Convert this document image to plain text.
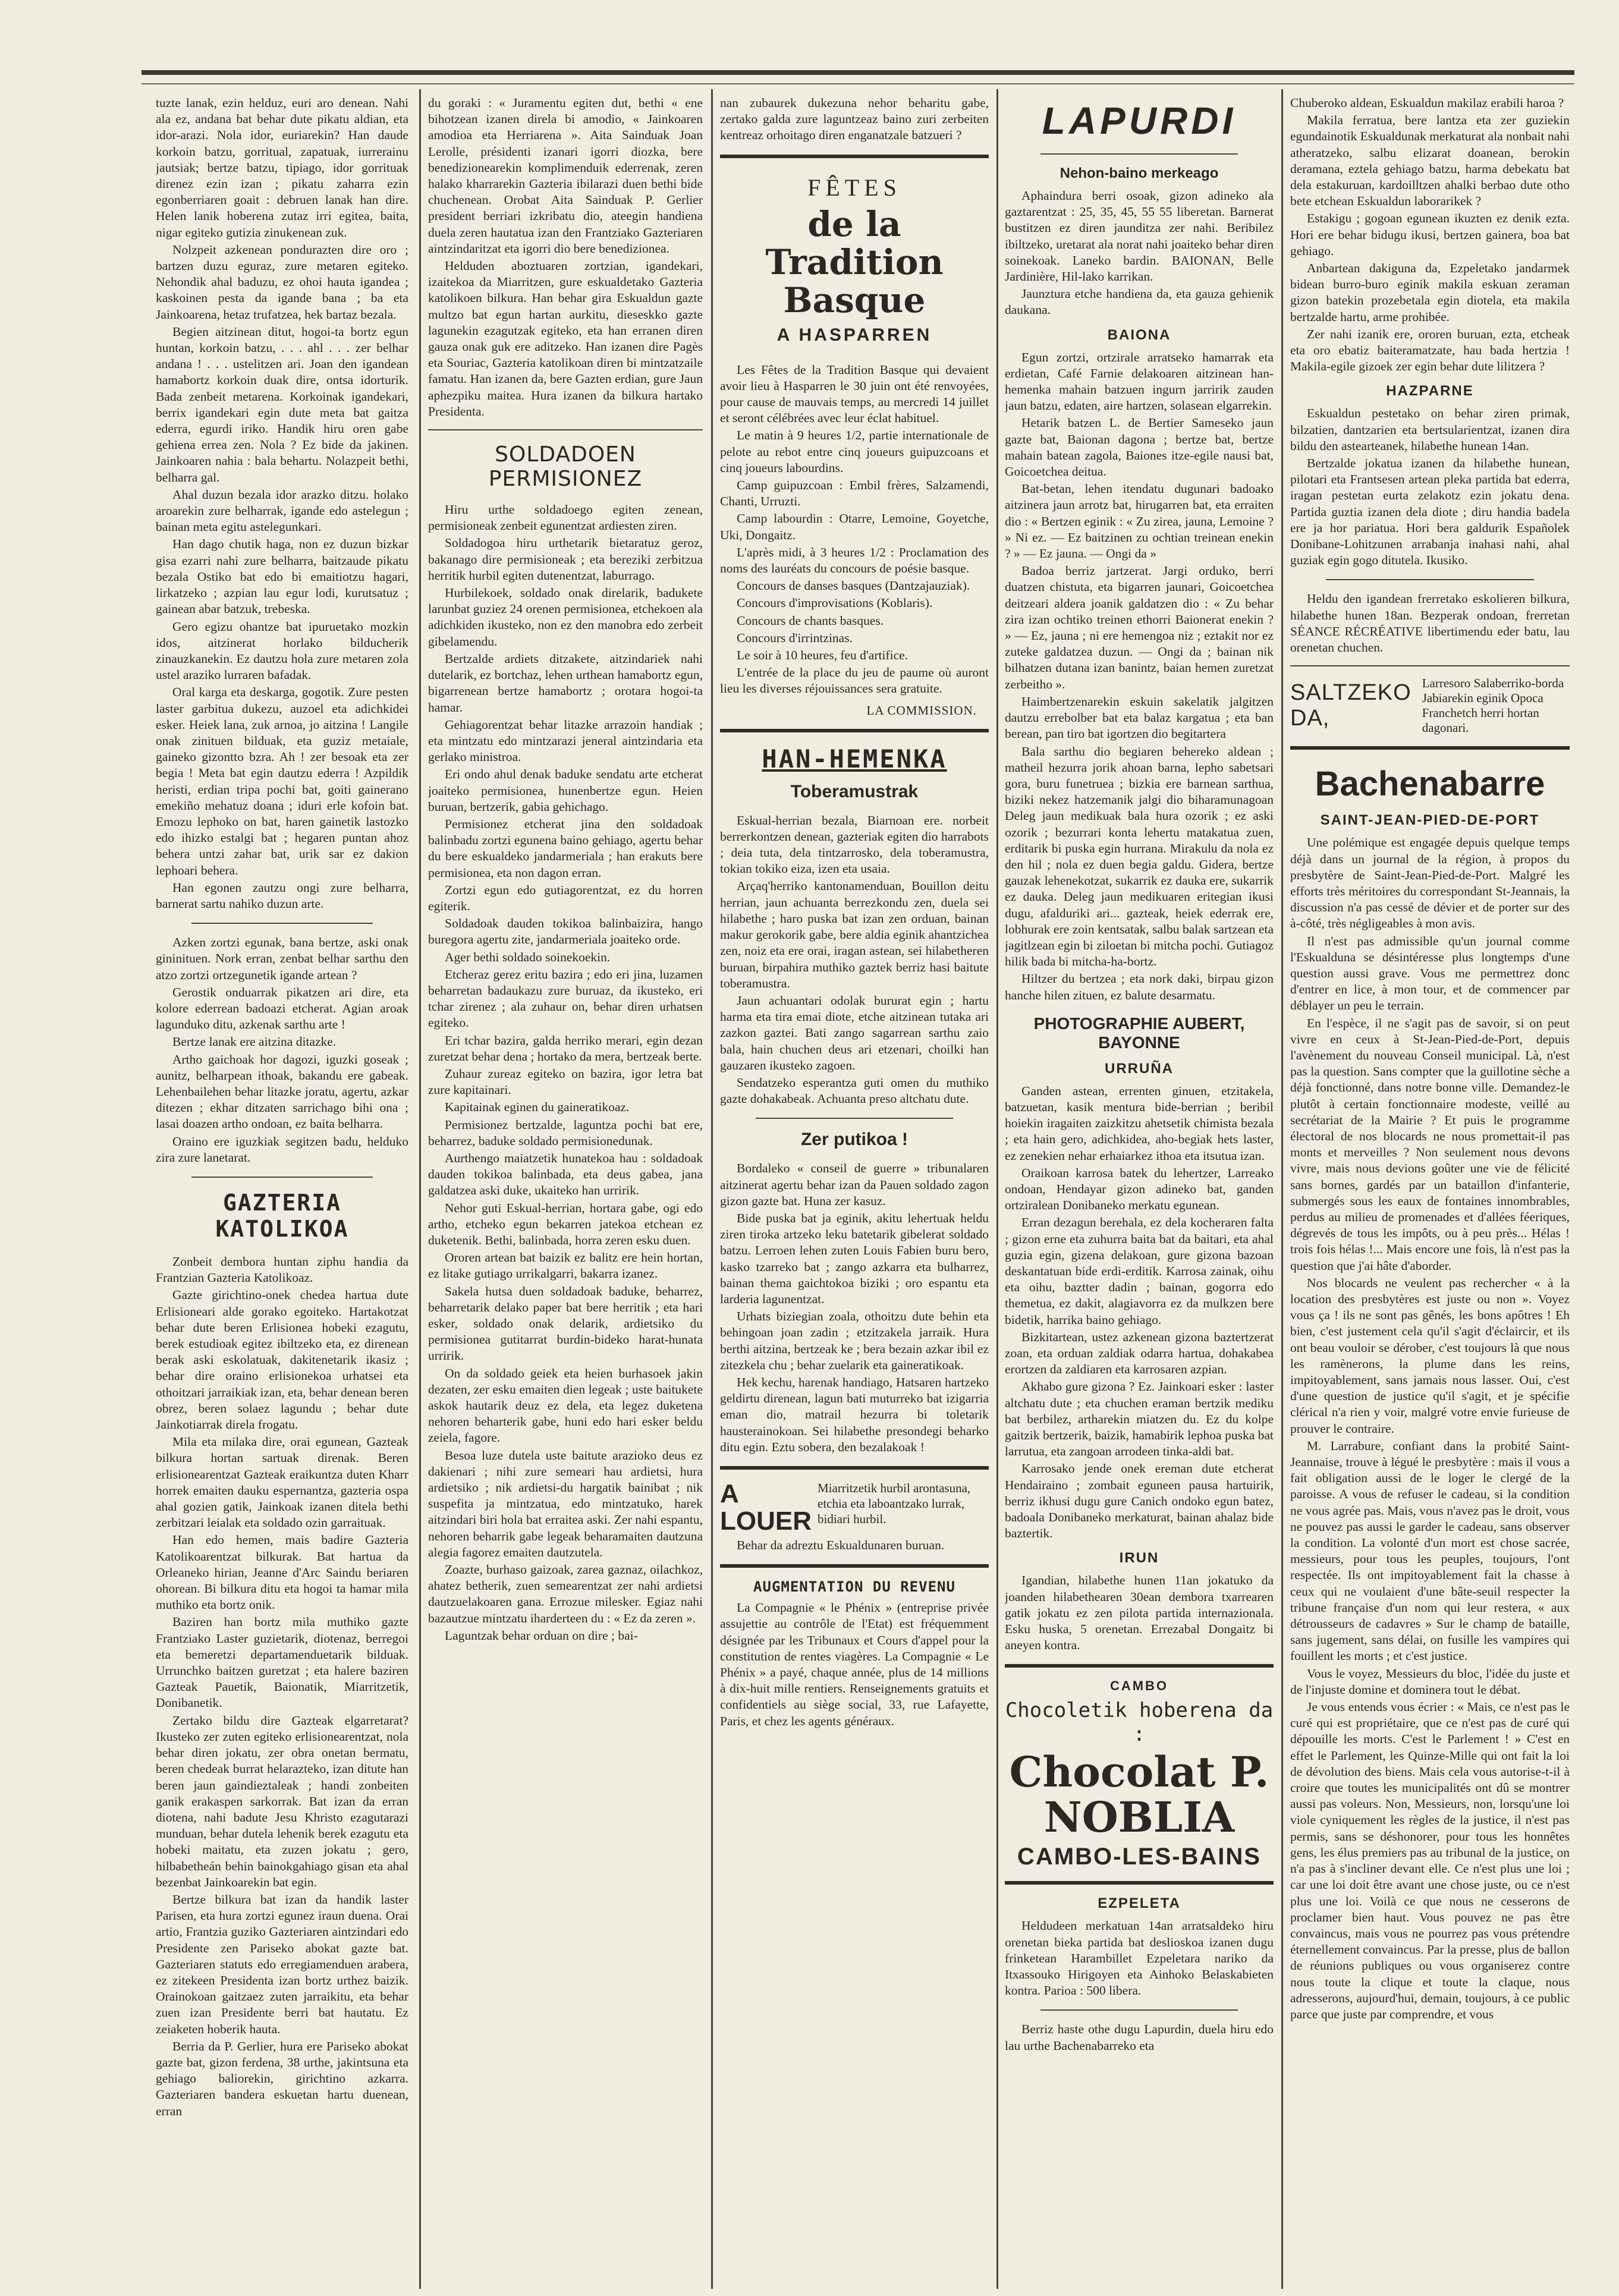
tuzte lanak, ezin helduz, euri aro denean. Nahi ala ez, andana bat behar dute pikatu aldian, eta idor-arazi. Nola idor, euriarekin? Han daude korkoin batzu, gorritual, zapatuak, iurrerainu jautsiak; bertze batzu, tipiago, idor gorrituak direnez ezin izan ; pikatu zaharra ezin egonberriaren goait : debruen lanak han dire. Helen lanik hoberena zutaz irri egitea, baita, nigar egiteko gutizia zinukenean zuk.

Nolzpeit azkenean pondurazten dire oro ; bartzen duzu eguraz, zure metaren egiteko. Nehondik ahal baduzu, ez ohoi hauta igandea ; kaskoinen pesta da igande bana ; ba eta Jainkoarena, hetaz trufatzea, hek bartaz bezala.

Begien aitzinean ditut, hogoi-ta bortz egun huntan, korkoin batzu, . . . ahl . . . zer belhar andana ! . . . ustelitzen ari. Joan den igandean hamabortz korkoin duak dire, ontsa idorturik. Bada zenbeit metarena. Korkoinak igandekari, berrix igandekari egin dute meta bat gaitza ederra, egurdi iriko. Handik hiru oren gabe gehiena errea zen. Nola ? Ez bide da jakinen. Jainkoaren nahia : bala behartu. Nolazpeit bethi, belharra gal.

Ahal duzun bezala idor arazko ditzu. holako aroarekin zure belharrak, igande edo astelegun ; bainan meta egitu astelegunkari.

Han dago chutik haga, non ez duzun bizkar gisa ezarri nahi zure belharra, baitzaude pikatu bezala Ostiko bat edo bi emaitiotzu hagari, lirkatzeko ; azpian lau egur lodi, kurutsatuz ; gainean abar batzuk, trebeska.

Gero egizu ohantze bat ipuruetako mozkin idos, aitzinerat horlako bilducherik zinauzkanekin. Ez dautzu hola zure metaren zola ustel araziko lurraren bafadak.

Oral karga eta deskarga, gogotik. Zure pesten laster garbitua dukezu, auzoel eta adichkidei esker. Heiek lana, zuk arnoa, jo aitzina ! Langile onak zinituen bilduak, eta guziz metaiale, gaineko gizontto bzra. Ah ! zer besoak eta zer begia ! Meta bat egin dautzu ederra ! Azpildik heristi, erdian tripa pochi bat, goiti gainerano emekiño mehatuz doana ; iduri erle kofoin bat. Emozu lephoko on bat, haren gainetik lastozko edo ihizko estalgi bat ; hegaren puntan ahoz behera untzi zahar bat, urik sar ez dakion lephoari behera.

Han egonen zautzu ongi zure belharra, barnerat sartu nahiko duzun arte.

Azken zortzi egunak, bana bertze, aski onak gininituen. Nork erran, zenbat belhar sarthu den atzo zortzi ortzegunetik igande artean ?

Gerostik onduarrak pikatzen ari dire, eta kolore ederrean badoazi etcherat. Agian aroak lagunduko ditu, azkenak sarthu arte !

Bertze lanak ere aitzina ditazke.

Artho gaichoak hor dagozi, iguzki goseak ; aunitz, belharpean ithoak, bakandu ere gabeak. Lehenbailehen behar litazke joratu, agertu, azkar ditezen ; ekhar ditzaten sarrichago bihi ona ; lasai doazen artho ondoan, ez baita belharra.

Oraino ere iguzkiak segitzen badu, helduko zira zure lanetarat.

GAZTERIA KATOLIKOA

Zonbeit dembora huntan ziphu handia da Frantzian Gazteria Katolikoaz.

Gazte girichtino-onek chedea hartua dute Erlisioneari alde gorako egoiteko. Hartakotzat behar dute beren Erlisionea hobeki ezagutu, berek estudioak egitez ibiltzeko eta, ez direnean berak aski eskolatuak, dakitenetarik ikasiz ; behar dire oraino erlisionekoa urhatsei eta othoitzari jarraikiak izan, eta, behar denean beren obrez, beren solaez lagundu ; behar dute Jainkotiarrak direla frogatu.

Mila eta milaka dire, orai egunean, Gazteak bilkura hortan sartuak direnak. Beren erlisionearentzat Gazteak eraikuntza duten Kharr horrek emaiten dauku espernantza, gazteria ospa ahal gozien gatik, Jainkoak izanen ditela bethi zerbitzari leialak eta soldado ozin garraituak.

Han edo hemen, mais badire Gazteria Katolikoarentzat bilkurak. Bat hartua da Orleaneko hirian, Jeanne d'Arc Saindu beriaren ohorean. Bi bilkura ditu eta hogoi ta hamar mila muthiko eta bortz onik.

Baziren han bortz mila muthiko gazte Frantziako Laster guzietarik, diotenaz, berregoi eta bemeretzi departamenduetarik bilduak. Urrunchko baitzen guretzat ; eta halere baziren Gazteak Pauetik, Baionatik, Miarritzetik, Donibanetik.

Zertako bildu dire Gazteak elgarretarat? Ikusteko zer zuten egiteko erlisionearentzat, nola behar diren jokatu, zer obra onetan bermatu, beren chedeak burrat helarazteko, izan ditute han beren jaun gaindieztaleak ; handi zonbeiten ganik erakaspen sarkorrak. Bat izan da erran diotena, nahi badute Jesu Khristo ezagutarazi munduan, behar dutela lehenik berek ezagutu eta hobeki maitatu, eta zuzen jokatu ; gero, hilbabetheán behin bainokgahiago gisan eta ahal bezenbat Jainkoarekin bat egin.

Bertze bilkura bat izan da handik laster Parisen, eta hura zortzi egunez iraun duena. Orai artio, Frantzia guziko Gazteriaren aintzindari edo Presidente zen Pariseko abokat gazte bat. Gazteriaren statuts edo erregiamenduen arabera, ez zitekeen Presidenta izan bortz urthez baizik. Orainokoan gaitzaez zuten jarraikitu, eta behar zuen izan Presidente berri bat hautatu. Ez zeiaketen hoberik hauta.

Berria da P. Gerlier, hura ere Pariseko abokat gazte bat, gizon ferdena, 38 urthe, jakintsuna eta gehiago baliorekin, girichtino azkarra. Gazteriaren bandera eskuetan hartu duenean, erran

du goraki : « Juramentu egiten dut, bethi « ene bihotzean izanen direla bi amodio, « Jainkoaren amodioa eta Herriarena ». Aita Sainduak Joan Lerolle, présidenti izanari igorri diozka, bere benedizionearekin komplimenduik ederrenak, zeren halako kharrarekin Gazteria ibilarazi duen bethi bide chuchenean. Orobat Aita Sainduak P. Gerlier president berriari izkribatu dio, ateegin handiena duela zeren hautatua izan den Frantziako Gazteriaren aintzindaritzat eta igorri dio bere benedizionea.

Helduden aboztuaren zortzian, igandekari, izaitekoa da Miarritzen, gure eskualdetako Gazteria katolikoen bilkura. Han behar gira Eskualdun gazte multzo bat egun hartan aurkitu, dieseskko gazte lagunekin ezagutzak egiteko, eta han erranen diren gauza onak guk ere aditzeko. Han izanen dire Pagès eta Souriac, Gazteria katolikoan diren bi mintzatzaile famatu. Han izanen da, bere Gazten erdian, gure Jaun aphezpiku maitea. Hura izanen da bilkura hartako Presidenta.

SOLDADOEN PERMISIONEZ

Hiru urthe soldadoego egiten zenean, permisioneak zenbeit egunentzat ardiesten ziren.

Soldadogoa hiru urthetarik bietaratuz geroz, bakanago dire permisioneak ; eta bereziki zerbitzua herritik hurbil egiten dutenentzat, laburrago.

Hurbilekoek, soldado onak direlarik, badukete larunbat guziez 24 orenen permisionea, etchekoen ala adichkiden ikusteko, non ez den manobra edo zerbeit gibelamendu.

Bertzalde ardiets ditzakete, aitzindariek nahi dutelarik, ez bortchaz, lehen urthean hamabortz egun, bigarrenean bertze hamabortz ; orotara hogoi-ta hamar.

Gehiagorentzat behar litazke arrazoin handiak ; eta mintzatu edo mintzarazi jeneral aintzindaria eta gerlako ministroa.

Eri ondo ahul denak baduke sendatu arte etcherat joaiteko permisionea, hunenbertze egun. Heien buruan, bertzerik, gabia gehichago.

Permisionez etcherat jina den soldadoak balinbadu zortzi egunena baino gehiago, agertu behar du bere eskualdeko jandarmeriala ; han erakuts bere permisionea, eta non dagon erran.

Zortzi egun edo gutiagorentzat, ez du horren egiterik.

Soldadoak dauden tokikoa balinbaizira, hango buregora agertu zite, jandarmeriala joaiteko orde.

Ager bethi soldado soinekoekin.

Etcheraz gerez eritu bazira ; edo eri jina, luzamen beharretan badaukazu zure buruaz, da ikusteko, eri tchar zirenez ; ala zuhaur on, behar diren urhatsen egiteko.

Eri tchar bazira, galda herriko merari, egin dezan zuretzat behar dena ; hortako da mera, bertzeak berte.

Zuhaur zureaz egiteko on bazira, igor letra bat zure kapitainari.

Kapitainak eginen du gaineratikoaz.

Permisionez bertzalde, laguntza pochi bat ere, beharrez, baduke soldado permisionedunak.

Aurthengo maiatzetik hunatekoa hau : soldadoak dauden tokikoa balinbada, eta deus gabea, jana galdatzea aski duke, ukaiteko han urririk.

Nehor guti Eskual-herrian, hortara gabe, ogi edo artho, etcheko egun bekarren jatekoa etchean ez duketenik. Bethi, balinbada, horra zeren esku duen.

Ororen artean bat baizik ez balitz ere hein hortan, ez litake gutiago urrikalgarri, bakarra izanez.

Sakela hutsa duen soldadoak baduke, beharrez, beharretarik delako paper bat bere herritik ; eta hari esker, soldado onak delarik, ardietsiko du permisionea gutitarrat burdin-bideko harat-hunata urririk.

On da soldado geiek eta heien burhasoek jakin dezaten, zer esku emaiten dien legeak ; uste baitukete askok hautarik deuz ez dela, eta legez duketena nehoren beharterik gabe, huni edo hari esker beldu zeiela, fagore.

Besoa luze dutela uste baitute arazioko deus ez dakienari ; nihi zure semeari hau ardietsi, hura ardietsiko ; nik ardietsi-du hargatik bainibat ; nik suspefita ja mintzatua, edo mintzatuko, harek aitzindari biri hola bat erraitea aski. Zer nahi espantu, nehoren beharrik gabe legeak beharamaiten dautzuna alegia fagorez emaiten dautzutela.

Zoazte, burhaso gaizoak, zarea gaznaz, oilachkoz, ahatez betherik, zuen semearentzat zer nahi ardietsi dautzuelakoaren gana. Errozue milesker. Egiaz nahi bazautzue mintzatu iharderteen du : « Ez da zeren ».

Laguntzak behar orduan on dire ; bai-

nan zubaurek dukezuna nehor beharitu gabe, zertako galda zure laguntzeaz baino zuri zerbeiten kentreaz orhoitago diren enganatzale batzueri ?

FÊTES
de la Tradition Basque
A HASPARREN

Les Fêtes de la Tradition Basque qui devaient avoir lieu à Hasparren le 30 juin ont été renvoyées, pour cause de mauvais temps, au mercredi 14 juillet et seront célébrées avec leur éclat habituel.

Le matin à 9 heures 1/2, partie internationale de pelote au rebot entre cinq joueurs guipuzcoans et cinq joueurs labourdins.

Camp guipuzcoan : Embil frères, Salzamendi, Chanti, Urruzti.

Camp labourdin : Otarre, Lemoine, Goyetche, Uki, Dongaitz.

L'après midi, à 3 heures 1/2 : Proclamation des noms des lauréats du concours de poésie basque.

Concours de danses basques (Dantzajauziak).

Concours d'improvisations (Koblaris).

Concours de chants basques.

Concours d'irrintzinas.

Le soir à 10 heures, feu d'artifice.

L'entrée de la place du jeu de paume où auront lieu les diverses réjouissances sera gratuite.

LA COMMISSION.
HAN-HEMENKA
Toberamustrak

Eskual-herrian bezala, Biarnoan ere. norbeit berrerkontzen denean, gazteriak egiten dio harrabots ; deia tuta, dela tintzarrosko, dela toberamustra, tokian tokiko eiza, izen eta usaia.

Arçaq'herriko kantonamenduan, Bouillon deitu herrian, jaun achuanta berrezkondu zen, duela sei hilabethe ; haro puska bat izan zen orduan, bainan makur gerokorik gabe, bere aldia eginik ahantzichea zen, noiz eta ere orai, iragan astean, sei hilabetheren buruan, birpahira muthiko gaztek berriz hasi baitute toberamustra.

Jaun achuantari odolak bururat egin ; hartu harma eta tira emai diote, etche aitzinean tutaka ari zazkon gaztei. Bati zango sagarrean sarthu zaio bala, hain chuchen deus ari etzenari, choilki han gauzaren ikusteko zagoen.

Sendatzeko esperantza guti omen du muthiko gazte dohakabeak. Achuanta preso altchatu dute.

Zer putikoa !

Bordaleko « conseil de guerre » tribunalaren aitzinerat agertu behar izan da Pauen soldado zagon gizon gazte bat. Huna zer kasuz.

Bide puska bat ja eginik, akitu lehertuak heldu ziren tiroka artzeko leku batetarik gibelerat soldado batzu. Lerroen lehen zuten Louis Fabien buru bero, kasko tzarreko bat ; zango azkarra eta bulharrez, bainan thema gaichtokoa biziki ; oro espantu eta larderia lagunentzat.

Urhats biziegian zoala, othoitzu dute behin eta behingoan joan zadin ; etzitzakela jarraik. Hura berthi aitzina, bertzeak ke ; bera bezain azkar ibil ez zitezkela chu ; behar zuelarik eta gaineratikoak.

Hek kechu, harenak handiago, Hatsaren hartzeko geldirtu direnean, lagun bati muturreko bat izigarria eman dio, matrail hezurra bi toletarik hausterainokoan. Sei hilabethe presondegi beharko ditu egin. Eztu sobera, den bezalakoak !

A LOUER
Miarritzetik hurbil arontasuna, etchia eta laboantzako lurrak, bidiari hurbil.

Behar da adreztu Eskualdunaren buruan.

AUGMENTATION DU REVENU

La Compagnie « le Phénix » (entreprise privée assujettie au contrôle de l'Etat) est fréquemment désignée par les Tribunaux et Cours d'appel pour la constitution de rentes viagères. La Compagnie « Le Phénix » a payé, chaque année, plus de 14 millions à dix-huit mille rentiers. Renseignements gratuits et confidentiels au siège social, 33, rue Lafayette, Paris, et chez les agents généraux.

LAPURDI
Nehon-baino merkeago

Aphaindura berri osoak, gizon adineko ala gaztarentzat : 25, 35, 45, 55 55 liberetan. Barnerat bustitzen ez diren jaunditza zer nahi. Beribilez ibiltzeko, uretarat ala norat nahi joaiteko behar diren soinekoak. Laneko bardin. BAIONAN, Belle Jardinière, Hil-lako karrikan.

Jaunztura etche handiena da, eta gauza gehienik daukana.

BAIONA

Egun zortzi, ortziralе arratseko hamarrak eta erdietan, Café Farnie delakoaren aitzinean han-hemenka mahain batzuen ingurn jarririk zauden jaun batzu, edaten, aire hartzen, solasean elgarrekin.

Hetarik batzen L. de Bertier Sameseko jaun gazte bat, Baionan dagona ; bertze bat, bertze mahain batean zagola, Baiones itze-egile nausi bat, Goicoetchea deitua.

Bat-betan, lehen itendatu dugunari badoako aitzinera jaun arrotz bat, hirugarren bat, eta erraiten dio : « Bertzen eginik : « Zu zirea, jauna, Lemoine ? » Ni ez. — Ez baitzinen zu ochtian treinean enekin ? » — Ez jauna. — Ongi da »

Badoa berriz jartzerat. Jargi orduko, berri duatzen chistuta, eta bigarren jaunari, Goicoetchea deitzeari aldera joanik galdatzen dio : « Zu behar zira izan ochtiko treinen ethorri Baionerat enekin ? » — Ez, jauna ; ni ere hemengoa niz ; eztakit nor ez zuteke galdatzea duzun. — Ongi da ; bainan nik bilhatzen dutana izan banintz, baian hemen zuretzat zerbeitho ».

Haimbertzenarekin eskuin sakelatik jalgitzen dautzu errebolber bat eta balaz kargatua ; eta ban berean, pan tiro bat igortzen dio begitartera

Bala sarthu dio begiaren behereko aldean ; matheil hezurra jorik ahoan barna, lepho sabetsari gora, buru funetruea ; bizkia ere barnean sarthua, biziki nekez hatzemanik jalgi dio biharamunagoan Deleg jaun medikuak bala hura ozorik ; ez aski ozorik ; bezurrari konta lehertu matakatua zuen, erditarik bi puska egin hurrana. Mirakulu da nola ez den hil ; nola ez duen begia galdu. Gidera, bertze gauzak lehenekotzat, sukarrik ez dauka ere, sukarrik ez dauka. Deleg jaun medikuaren eritegian ikusi dugu, afalduriki ari... gazteak, heiek ederrak ere, lobhurak ere zoin kentsatak, salbu balak sartzean eta jagitlzean egin bi ziloetan bi mitcha pochi. Gutiagoz hilik bada bi mitcha-ha-bortz.

Hiltzer du bertzea ; eta nork daki, birpau gizon hanche hilen zituen, ez balute desarmatu.

PHOTOGRAPHIE AUBERT, BAYONNE
URRUÑA

Ganden astean, errenten ginuen, etzitakela, batzuetan, kasik mentura bide-berrian ; beribil hoiekin iragaiten zaizkitzu ahetsetik chimista bezala ; eta hain gero, adichkidea, aho-begiak hets laster, ez zenekien nehar erhaiarkez ithoa eta itsutua izan.

Oraikoan karrosa batek du lehertzer, Larreako ondoan, Hendayar gizon adineko bat, ganden ortziralean Donibaneko merkatu egunean.

Erran dezagun berehala, ez dela kocheraren falta ; gizon erne eta zuhurra baita bat da baitari, eta ahal guzia egin, gizena delakoan, gure gizona bazoan deskantatuan bide erdi-erditik. Karrosa zainak, oihu eta oihu, baztter dadin ; bainan, gogorra edo themetua, ez dakit, alagiavorra ez da mulkzen bere bidetik, harrika baino gehiago.

Bizkitartean, ustez azkenean gizona baztertzerat zoan, eta orduan zaldiak odarra hartua, dohakabea erortzen da zaldiaren eta karrosaren azpian.

Akhabo gure gizona ? Ez. Jainkoari esker : laster altchatu dute ; eta chuchen eraman bertzik mediku bat berbilez, artharekin miatzen du. Ez du kolpe gaitzik bertzerik, baizik, hamabirik lephoa puska bat larrutua, eta zangoan arrodeen tinka-aldi bat.

Karrosako jende onek ereman dute etcherat Hendairaino ; zombait eguneen pausa hartuirik, berriz ikhusi dugu gure Canich ondoko egun batez, badoala Donibaneko merkaturat, bainan ahalaz bide baztertik.

IRUN

Igandian, hilabethe hunen 11an jokatuko da joanden hilabethearen 30ean dembora txarrearen gatik jokatu ez zen pilota partida internazionala. Esku huska, 5 orenetan. Errezabal Dongaitz bi aneyen kontra.

CAMBO
Chocoletik hoberena da :
Chocolat P. NOBLIA
CAMBO-LES-BAINS
EZPELETA

Heldudeen merkatuan 14an arratsaldeko hiru orenetan bieka partida bat deslioskoa izanen dugu frinketean Harambillet Ezpeletara nariko da Itxassouko Hirigoyen eta Ainhoko Belaskabieten kontra. Parioa : 500 libera.

Berriz haste othe dugu Lapurdin, duela hiru edo lau urthe Bachenabarreko eta

Chuberoko aldean, Eskualdun makilaz erabili haroa ?

Makila ferratua, bere lantza eta zer guziekin egundainotik Eskualdunak merkaturat ala nonbait nahi atheratzeko, salbu elizarat doanean, berokin deramana, eztela gehiago batzu, harma debekatu bat dela estakuruan, kardoilltzen ahalki berbao dute otho bete etchean Eskualdun laborarikek ?

Estakigu ; gogoan egunean ikuzten ez denik ezta. Hori ere behar bidugu ikusi, bertzen gainera, boa bat gehiago.

Anbartean dakiguna da, Ezpeletako jandarmek bidean burro-buro eginik makila eskuan zeraman gizon batekin prozebetala egin diotela, eta makila bertzalde hartu, arme prohibée.

Zer nahi izanik ere, ororen buruan, ezta, etcheak eta oro ebatiz baiteramatzate, hau bada hertzia ! Makila-egile gizoek zer egin behar dute lilitzera ?

HAZPARNE

Eskualdun pestetako on behar ziren primak, bilzatien, dantzarien eta bertsularientzat, izanen dira bildu den astearteanek, hilabethe hunean 14an.

Bertzalde jokatua izanen da hilabethe hunean, pilotari eta Frantsesen artean plekа partida bat ederra, iragan pestetan eurta zelakotz ezin jokatu dena. Partida guztia izanen dela diote ; diru handia badela ere ja hor pariatua. Hori bera galdurik Españolek Donibane-Lohitzunen arrabanja inahasi nahi, ahal guziak egin gogo ditutela. Ikusiko.

Heldu den igandean frerretako eskolieren bilkura, hilabethe hunen 18an. Bezperak ondoan, frerretan SÉANCE RÉCRÉATIVE libertimendu eder batu, lau orenetan chuchen.

SALTZEKO DA,
Larresoro Salaberriko-borda Jabiarekin eginik Opoca Franchetch herri hortan dagonari.
Bachenabarre
SAINT-JEAN-PIED-DE-PORT

Une polémique est engagée depuis quelque temps déjà dans un journal de la région, à propos du presbytère de Saint-Jean-Pied-de-Port. Malgré les efforts très méritoires du correspondant St-Jeannais, la discussion n'a pas cessé de dévier et de porter sur des à-côté, très négligeables à mon avis.

Il n'est pas admissible qu'un journal comme l'Eskualduna se désintéresse plus longtemps d'une question aussi grave. Vous me permettrez donc d'entrer en lice, à mon tour, et de commencer par déblayer un peu le terrain.

En l'espèce, il ne s'agit pas de savoir, si on peut vivre en ceux à St-Jean-Pied-de-Port, depuis l'avènement du nouveau Conseil municipal. Là, n'est pas la question. Sans compter que la guillotine sèche a déjà fonctionné, dans notre bonne ville. Demandez-le plutôt à certain fonctionnaire modeste, veillé au secrétariat de la Mairie ? Et puis le programme électoral de nos blocards ne nous promettait-il pas monts et merveilles ? Non seulement nous devons vivre, mais nous devions goûter une vie de félicité sans bornes, gardés par un bataillon d'infanterie, submergés sous les eaux de fontaines innombrables, perdus au milieu de promenades et d'allées féeriques, dégrevés de tous les impôts, ou à peu près... Hélas ! trois fois hélas !... Mais encore une fois, là n'est pas la question que j'ai hâte d'aborder.

Nos blocards ne veulent pas rechercher « à la location des presbytères est juste ou non ». Voyez vous ça ! ils ne sont pas gênés, les bons apôtres ! Eh bien, c'est justement cela qu'il s'agit d'éclaircir, et ils ont beau vouloir se dérober, c'est toujours là que nous les ramènerons, la plume dans les reins, impitoyablement, sans jamais nous lasser. Oui, c'est d'une question de justice qu'il s'agit, et je spécifie clérical n'a rien y voir, malgré votre envie furieuse de prouver le contraire.

M. Larrabure, confiant dans la probité Saint-Jeannaise, trouve à légué le presbytère : mais il vous a fait obligation aussi de le loger le clergé de la paroisse. A vous de refuser le cadeau, si la condition ne vous agrée pas. Mais, vous n'avez pas le droit, vous ne pouvez pas aussi le garder le cadeau, sans observer la condition. La volonté d'un mort est chose sacrée, messieurs, pour tous les peuples, toujours, l'ont respectée. Ils ont impitoyablement fait la chasse à ceux qui ne voulaient d'une bâte-seuil respecter la tribune française d'un nom qui leur restera, « aux détrousseurs de cadavres » Sur le champ de bataille, sans jugement, sans délai, on fusille les vampires qui fouillent les morts ; et c'est justice.

Vous le voyez, Messieurs du bloc, l'idée du juste et de l'injuste domine et dominera tout le débat.

Je vous entends vous écrier : « Mais, ce n'est pas le curé qui est propriétaire, que ce n'est pas de curé qui dépouille les morts. C'est le Parlement ! » C'est en effet le Parlement, les Quinze-Mille qui ont fait la loi de dévolution des biens. Mais cela vous autorise-t-il à croire que toutes les municipalités ont dû se montrer aussi pas voleurs. Non, Messieurs, non, lorsqu'une loi viole cyniquement les règles de la justice, il n'est pas permis, sans se déshonorer, pour tous les honnêtes gens, les élus premiers pas au tribunal de la justice, on n'a pas à s'incliner devant elle. Ce n'est plus une loi ; car une loi doit être avant une chose juste, ou ce n'est plus une loi. Voilà ce que nous ne cesserons de proclamer bien haut. Vous pouvez ne pas être convaincus, mais vous ne pourrez pas vous prétendre éternellement convaincus. Par la presse, plus de ballon de réunions publiques ou vous organiserez contre nous toute la clique et toute la claque, nous adresserons, aujourd'hui, demain, toujours, à ce public parce que juste par comprendre, et vous
